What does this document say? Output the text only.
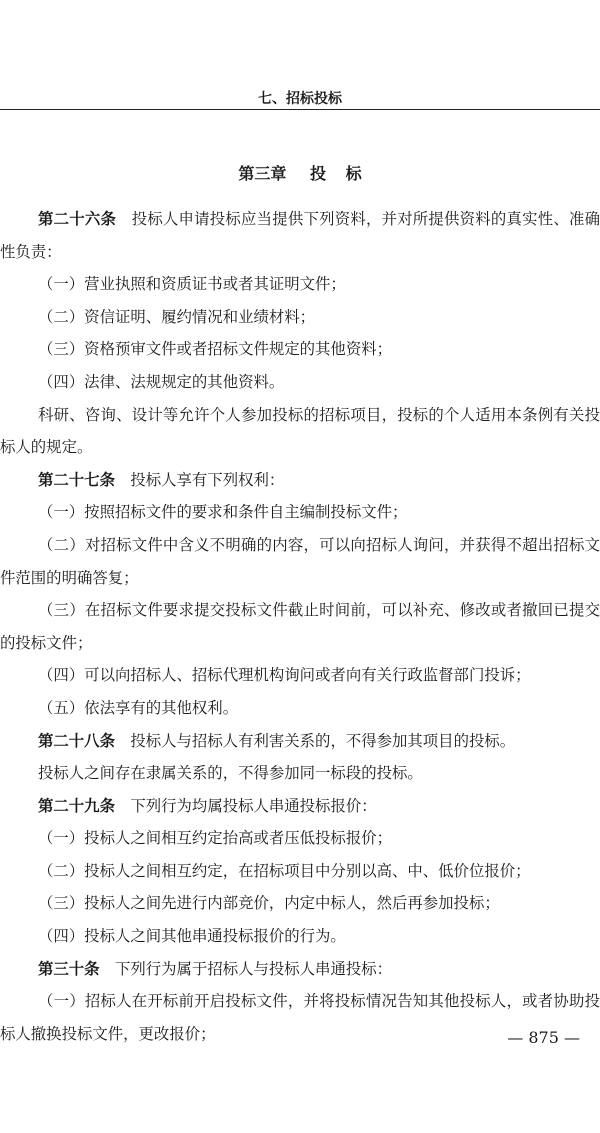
七、招标投标
第三章 投 标

第二十六条　投标人申请投标应当提供下列资料，并对所提供资料的真实性、准确性负责：

（一）营业执照和资质证书或者其证明文件；

（二）资信证明、履约情况和业绩材料；

（三）资格预审文件或者招标文件规定的其他资料；

（四）法律、法规规定的其他资料。

科研、咨询、设计等允许个人参加投标的招标项目，投标的个人适用本条例有关投标人的规定。

第二十七条　投标人享有下列权利：

（一）按照招标文件的要求和条件自主编制投标文件；

（二）对招标文件中含义不明确的内容，可以向招标人询问，并获得不超出招标文件范围的明确答复；

（三）在招标文件要求提交投标文件截止时间前，可以补充、修改或者撤回已提交的投标文件；

（四）可以向招标人、招标代理机构询问或者向有关行政监督部门投诉；

（五）依法享有的其他权利。

第二十八条　投标人与招标人有利害关系的，不得参加其项目的投标。

投标人之间存在隶属关系的，不得参加同一标段的投标。

第二十九条　下列行为均属投标人串通投标报价：

（一）投标人之间相互约定抬高或者压低投标报价；

（二）投标人之间相互约定，在招标项目中分别以高、中、低价位报价；

（三）投标人之间先进行内部竞价，内定中标人，然后再参加投标；

（四）投标人之间其他串通投标报价的行为。

第三十条　下列行为属于招标人与投标人串通投标：

（一）招标人在开标前开启投标文件，并将投标情况告知其他投标人，或者协助投标人撤换投标文件，更改报价；	— 875 —
